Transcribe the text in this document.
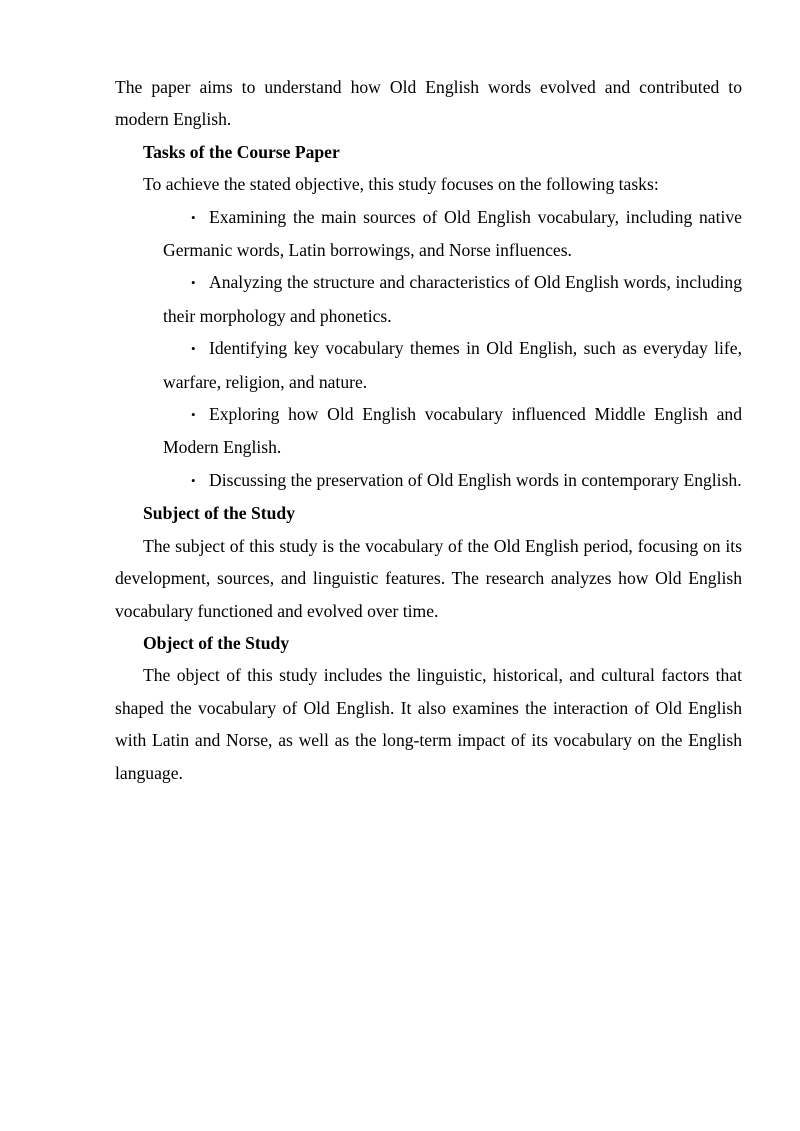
The paper aims to understand how Old English words evolved and contributed to modern English.

Tasks of the Course Paper

To achieve the stated objective, this study focuses on the following tasks:

• Examining the main sources of Old English vocabulary, including native Germanic words, Latin borrowings, and Norse influences.
• Analyzing the structure and characteristics of Old English words, including their morphology and phonetics.
• Identifying key vocabulary themes in Old English, such as everyday life, warfare, religion, and nature.
• Exploring how Old English vocabulary influenced Middle English and Modern English.
• Discussing the preservation of Old English words in contemporary English.

Subject of the Study

The subject of this study is the vocabulary of the Old English period, focusing on its development, sources, and linguistic features. The research analyzes how Old English vocabulary functioned and evolved over time.

Object of the Study

The object of this study includes the linguistic, historical, and cultural factors that shaped the vocabulary of Old English. It also examines the interaction of Old English with Latin and Norse, as well as the long-term impact of its vocabulary on the English language.
